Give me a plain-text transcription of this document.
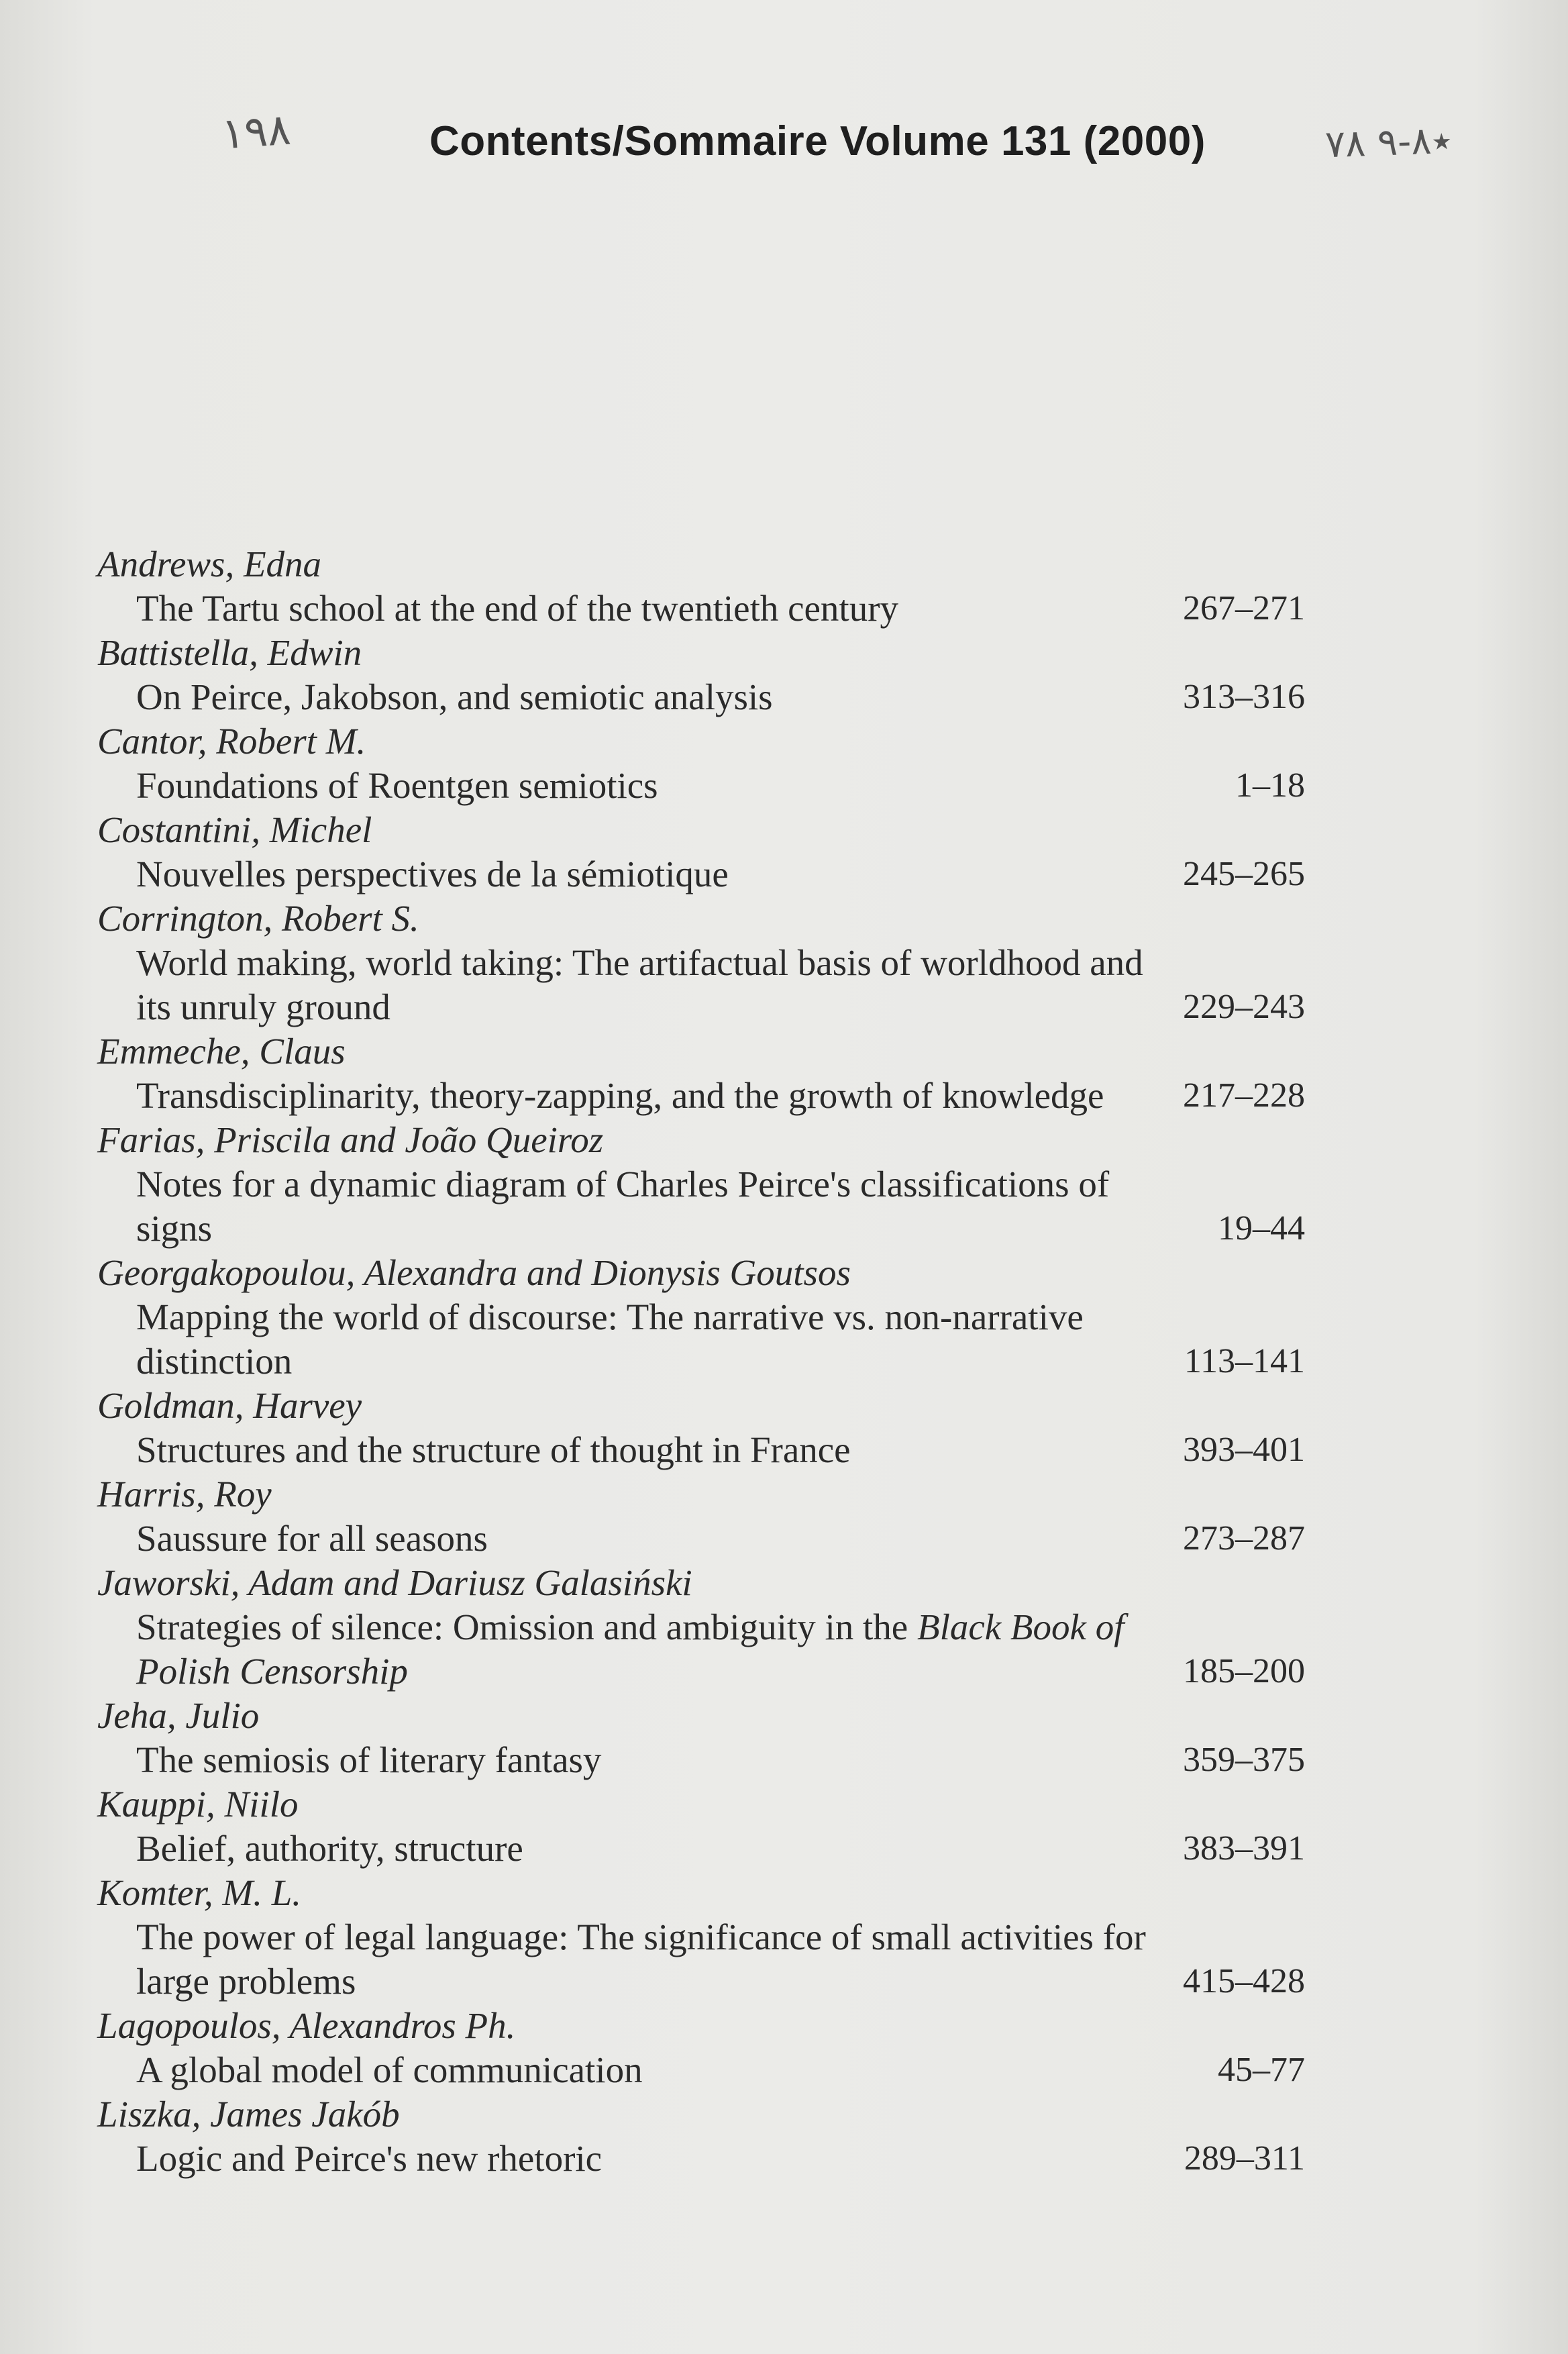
۱۹۸	Contents/Sommaire Volume 131 (2000)	٭۸-۹ ۷۸
Andrews, Edna
The Tartu school at the end of the twentieth century	267–271
Battistella, Edwin
On Peirce, Jakobson, and semiotic analysis	313–316
Cantor, Robert M.
Foundations of Roentgen semiotics	1–18
Costantini, Michel
Nouvelles perspectives de la sémiotique	245–265
Corrington, Robert S.
World making, world taking: The artifactual basis of worldhood and its unruly ground	229–243
Emmeche, Claus
Transdisciplinarity, theory-zapping, and the growth of knowledge	217–228
Farias, Priscila and João Queiroz
Notes for a dynamic diagram of Charles Peirce's classifications of signs	19–44
Georgakopoulou, Alexandra and Dionysis Goutsos
Mapping the world of discourse: The narrative vs. non-narrative distinction	113–141
Goldman, Harvey
Structures and the structure of thought in France	393–401
Harris, Roy
Saussure for all seasons	273–287
Jaworski, Adam and Dariusz Galasiński
Strategies of silence: Omission and ambiguity in the Black Book of Polish Censorship	185–200
Jeha, Julio
The semiosis of literary fantasy	359–375
Kauppi, Niilo
Belief, authority, structure	383–391
Komter, M. L.
The power of legal language: The significance of small activities for large problems	415–428
Lagopoulos, Alexandros Ph.
A global model of communication	45–77
Liszka, James Jakób
Logic and Peirce's new rhetoric	289–311
